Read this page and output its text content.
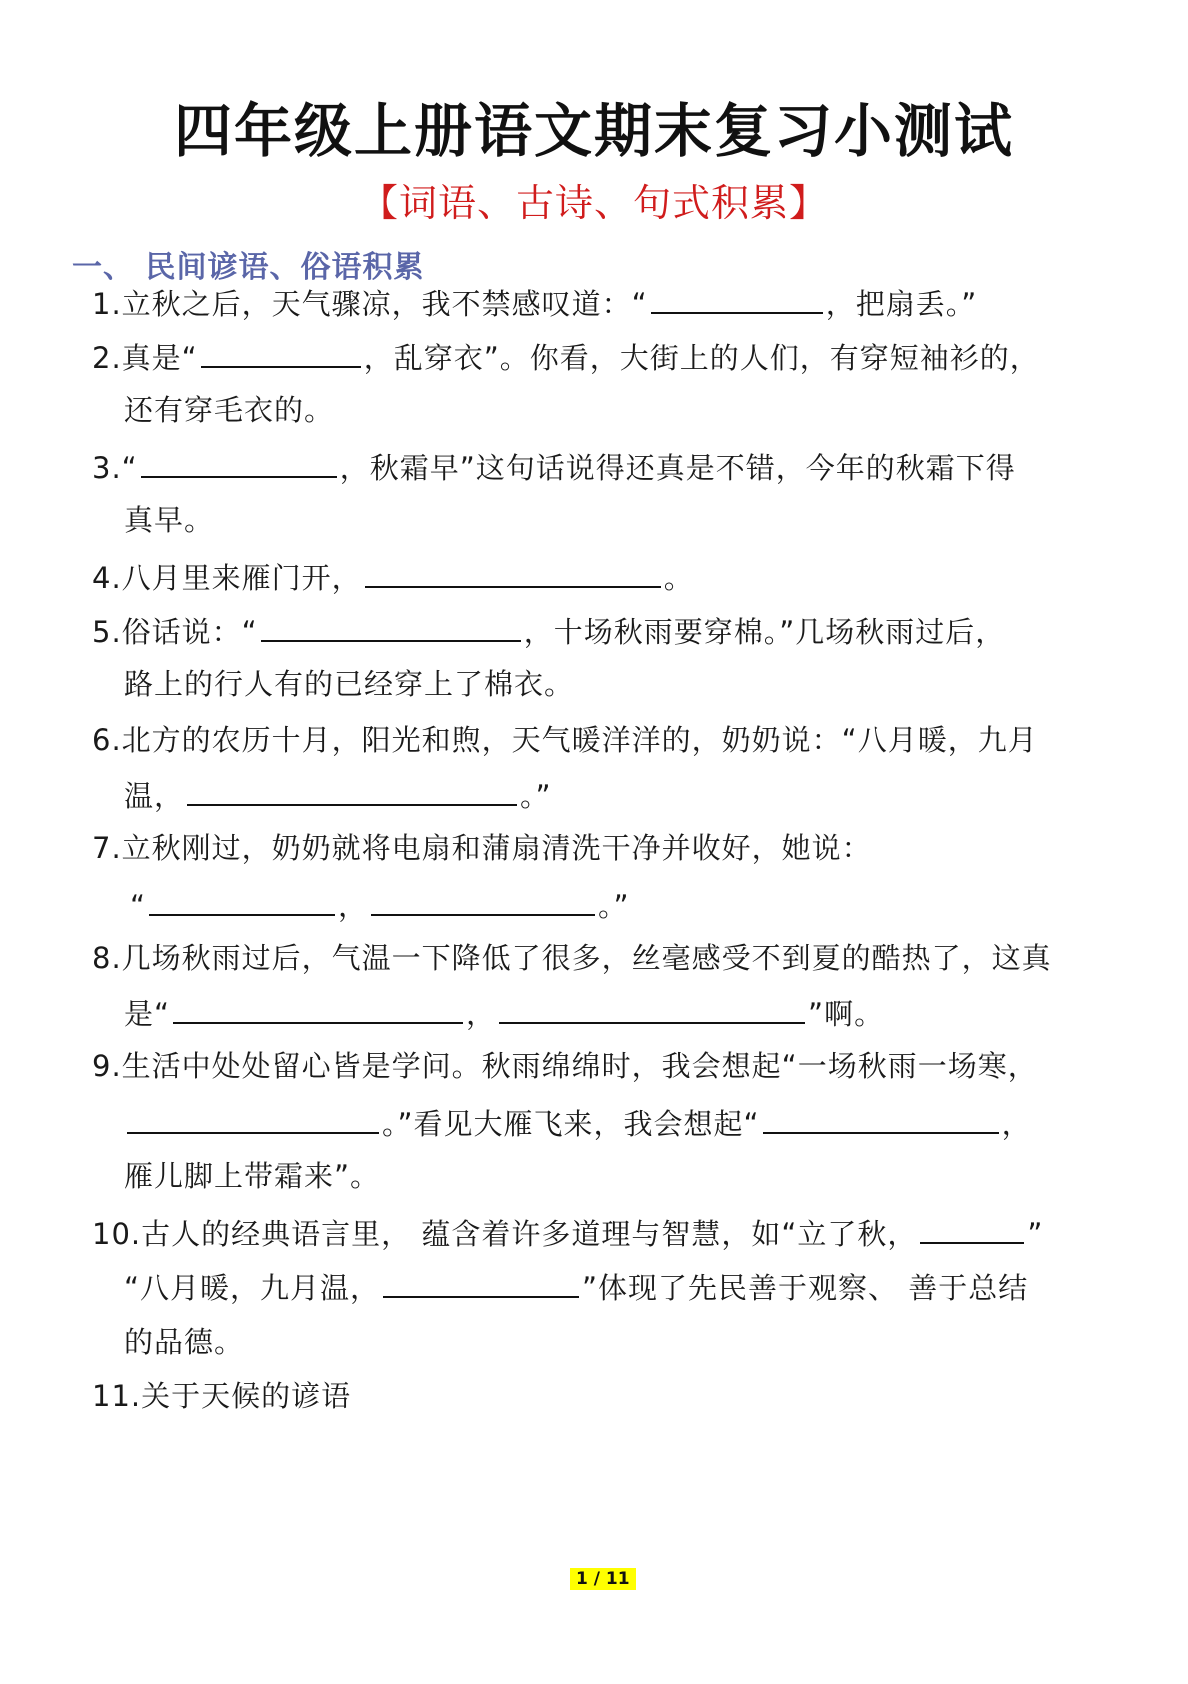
四年级上册语文期末复习小测试
【词语、古诗、句式积累】
一、 民间谚语、俗语积累
1.立秋之后，天气骤凉，我不禁感叹道：“	，把扇丢。”
2.真是“	，乱穿衣”。你看，大街上的人们，有穿短袖衫的，
还有穿毛衣的。
3.“	，秋霜早”这句话说得还真是不错，今年的秋霜下得
真早。
4.八月里来雁门开，	。
5.俗话说：“	，十场秋雨要穿棉。”几场秋雨过后，
路上的行人有的已经穿上了棉衣。
6.北方的农历十月，阳光和煦，天气暖洋洋的，奶奶说：“八月暖，九月
温，	。”
7.立秋刚过，奶奶就将电扇和蒲扇清洗干净并收好，她说：
“	，	。”
8.几场秋雨过后，气温一下降低了很多，丝毫感受不到夏的酷热了，这真
是“	，	”啊。
9.生活中处处留心皆是学问。秋雨绵绵时，我会想起“一场秋雨一场寒，
。”看见大雁飞来，我会想起“	，
雁儿脚上带霜来”。
10.古人的经典语言里， 蕴含着许多道理与智慧，如“立了秋，	”
“八月暖，九月温，	”体现了先民善于观察、 善于总结
的品德。
11.关于天候的谚语
1 / 11
